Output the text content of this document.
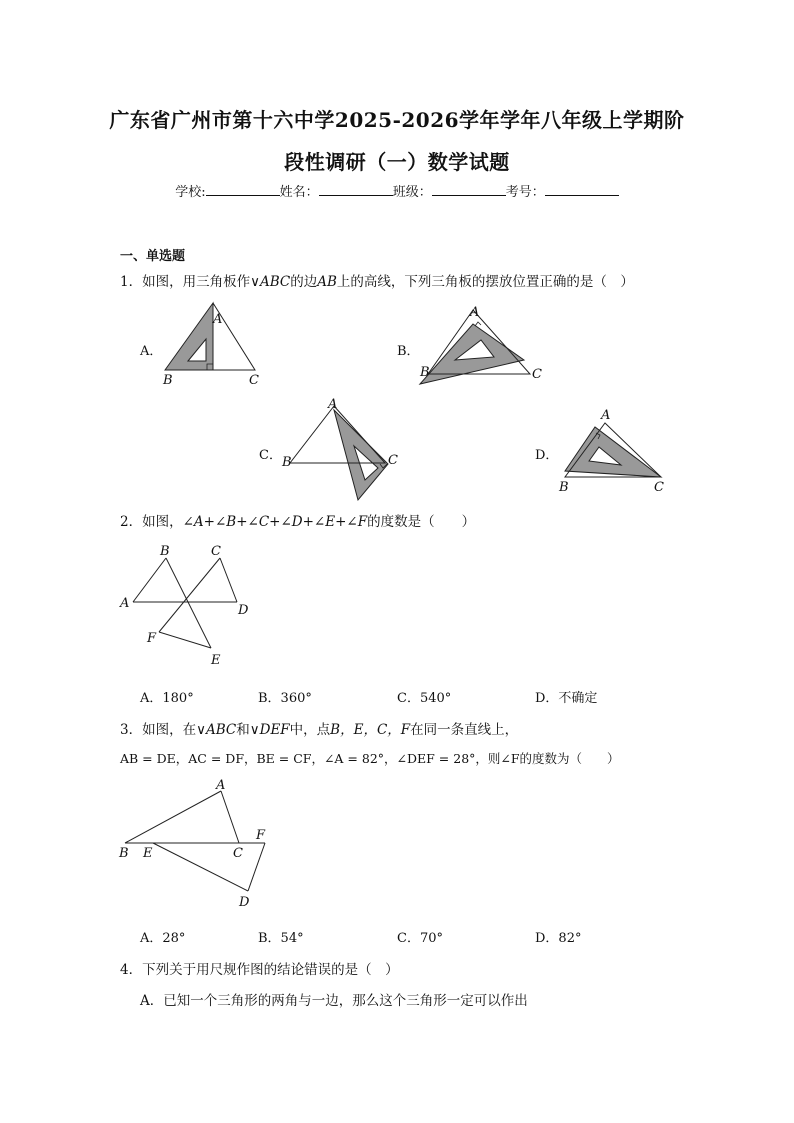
广东省广州市第十六中学2025-2026学年学年八年级上学期阶
段性调研（一）数学试题
学校:	姓名：	班级：	考号：
一、单选题
1．如图，用三角板作∨ABC的边AB上的高线，下列三角板的摆放位置正确的是（　）
A．
A
B	C
B．
A
B	C
C．
A
B	C	D．
A
B	C
2．如图，∠A+∠B+∠C+∠D+∠E+∠F的度数是（　　）
B	C
A	D
F
E
A．180°	B．360°	C．540°	D．不确定
3．如图，在∨ABC和∨DEF中，点B，E，C，F在同一条直线上，
AB = DE，AC = DF，BE = CF，∠A = 82°，∠DEF = 28°，则∠F的度数为（　　）
A
F
B E	C
D
A．28°	B．54°	C．70°	D．82°
4．下列关于用尺规作图的结论错误的是（　）
A．已知一个三角形的两角与一边，那么这个三角形一定可以作出
